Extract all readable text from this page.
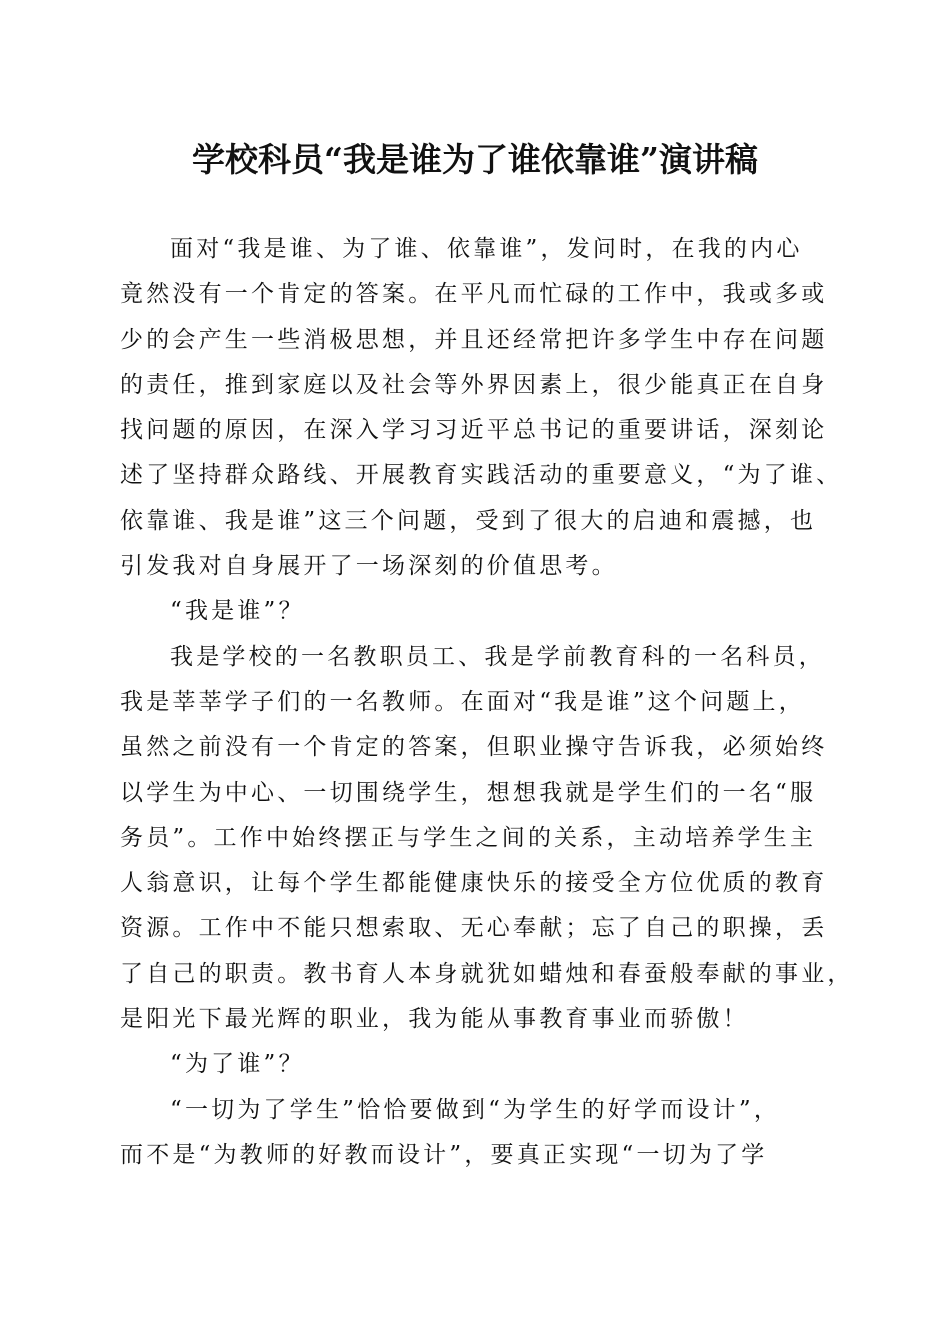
学校科员“我是谁为了谁依靠谁”演讲稿
面对“我是谁、为了谁、依靠谁”，发问时，在我的内心
竟然没有一个肯定的答案。在平凡而忙碌的工作中，我或多或
少的会产生一些消极思想，并且还经常把许多学生中存在问题
的责任，推到家庭以及社会等外界因素上，很少能真正在自身
找问题的原因，在深入学习习近平总书记的重要讲话，深刻论
述了坚持群众路线、开展教育实践活动的重要意义，“为了谁、
依靠谁、我是谁”这三个问题，受到了很大的启迪和震撼，也
引发我对自身展开了一场深刻的价值思考。
“我是谁”？
我是学校的一名教职员工、我是学前教育科的一名科员，
我是莘莘学子们的一名教师。在面对“我是谁”这个问题上，
虽然之前没有一个肯定的答案，但职业操守告诉我，必须始终
以学生为中心、一切围绕学生，想想我就是学生们的一名“服
务员”。工作中始终摆正与学生之间的关系，主动培养学生主
人翁意识，让每个学生都能健康快乐的接受全方位优质的教育
资源。工作中不能只想索取、无心奉献；忘了自己的职操，丢
了自己的职责。教书育人本身就犹如蜡烛和春蚕般奉献的事业，
是阳光下最光辉的职业，我为能从事教育事业而骄傲！
“为了谁”？
“一切为了学生”恰恰要做到“为学生的好学而设计”，
而不是“为教师的好教而设计”，要真正实现“一切为了学
